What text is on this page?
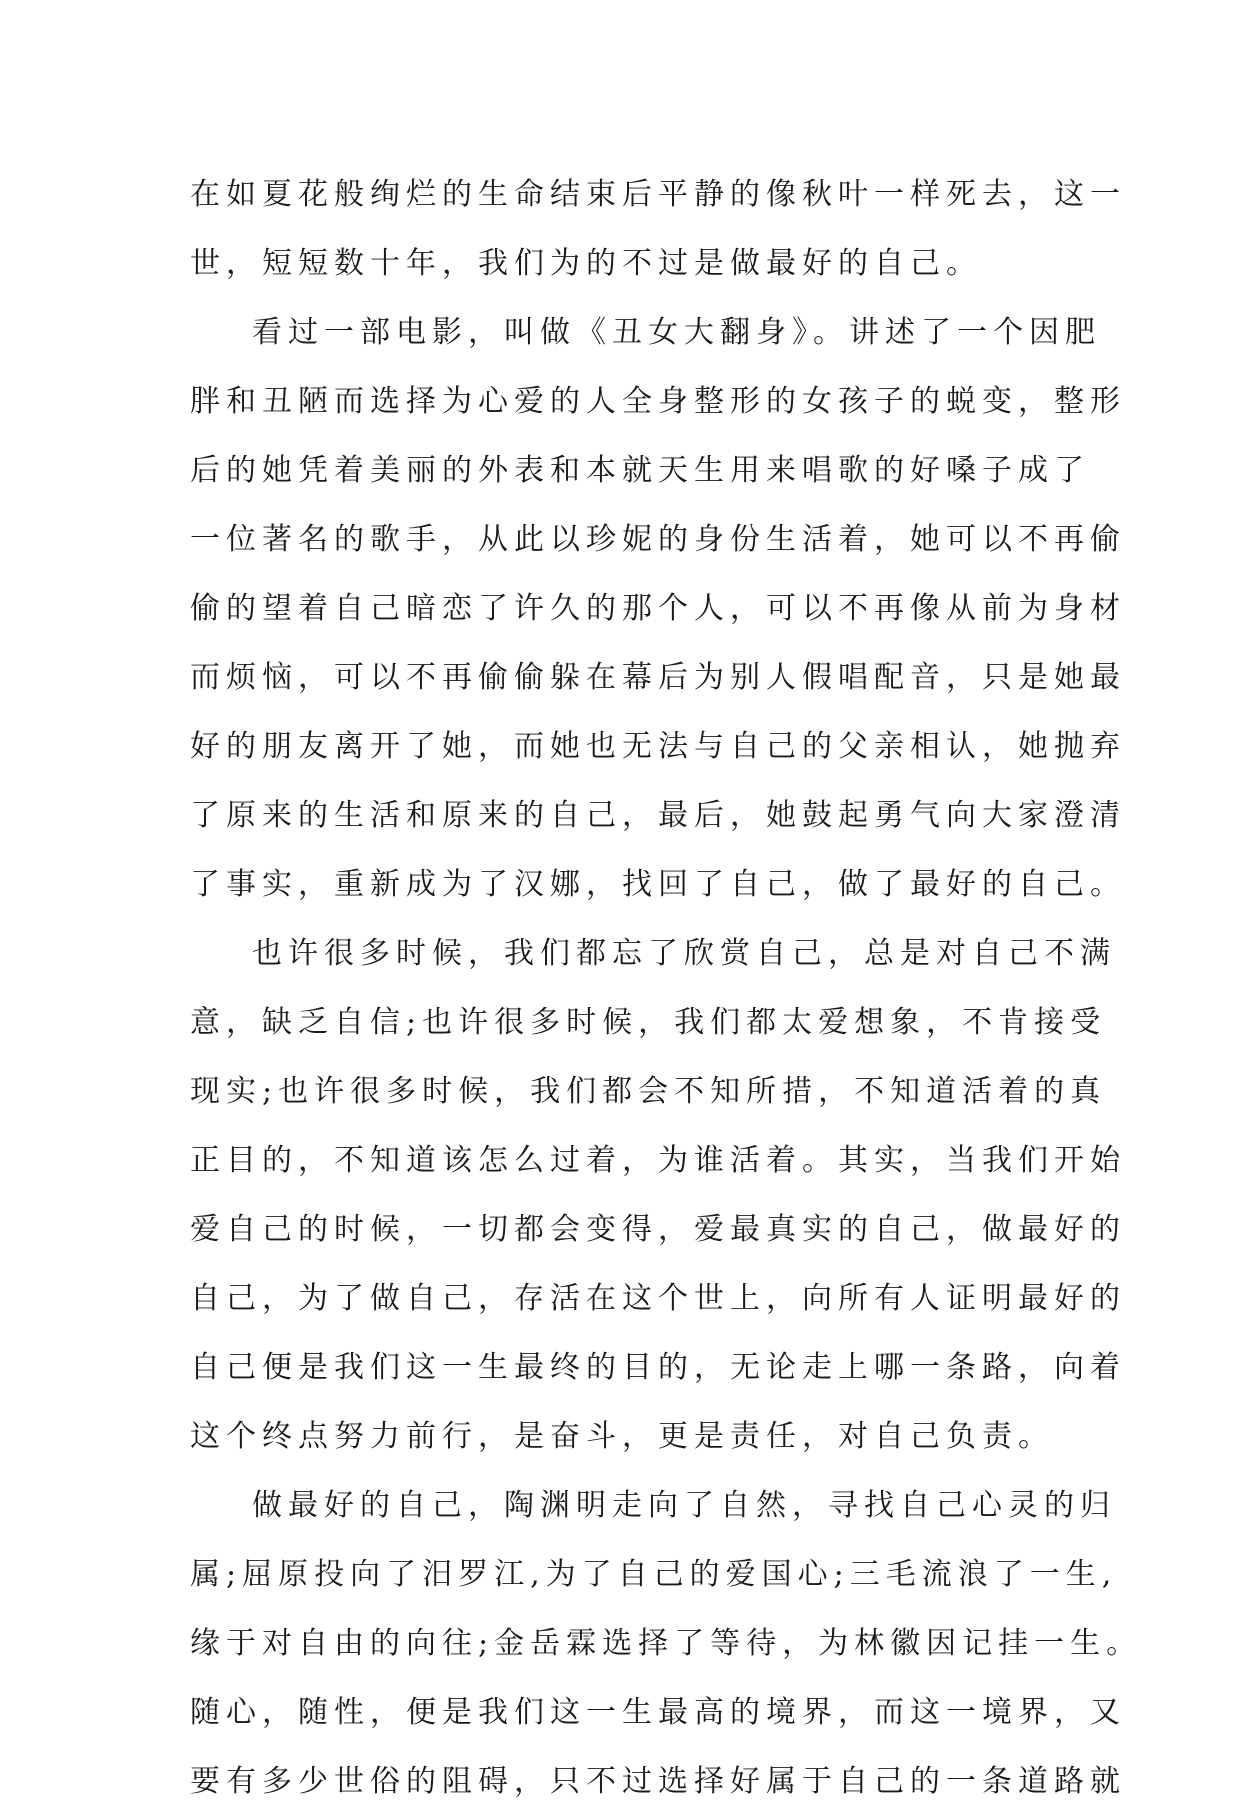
在如夏花般绚烂的生命结束后平静的像秋叶一样死去，这一

世，短短数十年，我们为的不过是做最好的自己。

看过一部电影，叫做《丑女大翻身》。讲述了一个因肥

胖和丑陋而选择为心爱的人全身整形的女孩子的蜕变，整形

后的她凭着美丽的外表和本就天生用来唱歌的好嗓子成了

一位著名的歌手，从此以珍妮的身份生活着，她可以不再偷

偷的望着自己暗恋了许久的那个人，可以不再像从前为身材

而烦恼，可以不再偷偷躲在幕后为别人假唱配音，只是她最

好的朋友离开了她，而她也无法与自己的父亲相认，她抛弃

了原来的生活和原来的自己，最后，她鼓起勇气向大家澄清

了事实，重新成为了汉娜，找回了自己，做了最好的自己。

也许很多时候，我们都忘了欣赏自己，总是对自己不满

意，缺乏自信;也许很多时候，我们都太爱想象，不肯接受

现实;也许很多时候，我们都会不知所措，不知道活着的真

正目的，不知道该怎么过着，为谁活着。其实，当我们开始

爱自己的时候，一切都会变得，爱最真实的自己，做最好的

自己，为了做自己，存活在这个世上，向所有人证明最好的

自己便是我们这一生最终的目的，无论走上哪一条路，向着

这个终点努力前行，是奋斗，更是责任，对自己负责。

做最好的自己，陶渊明走向了自然，寻找自己心灵的归

属;屈原投向了汨罗江,为了自己的爱国心;三毛流浪了一生,

缘于对自由的向往;金岳霖选择了等待，为林徽因记挂一生。

随心，随性，便是我们这一生最高的境界，而这一境界，又

要有多少世俗的阻碍，只不过选择好属于自己的一条道路就
